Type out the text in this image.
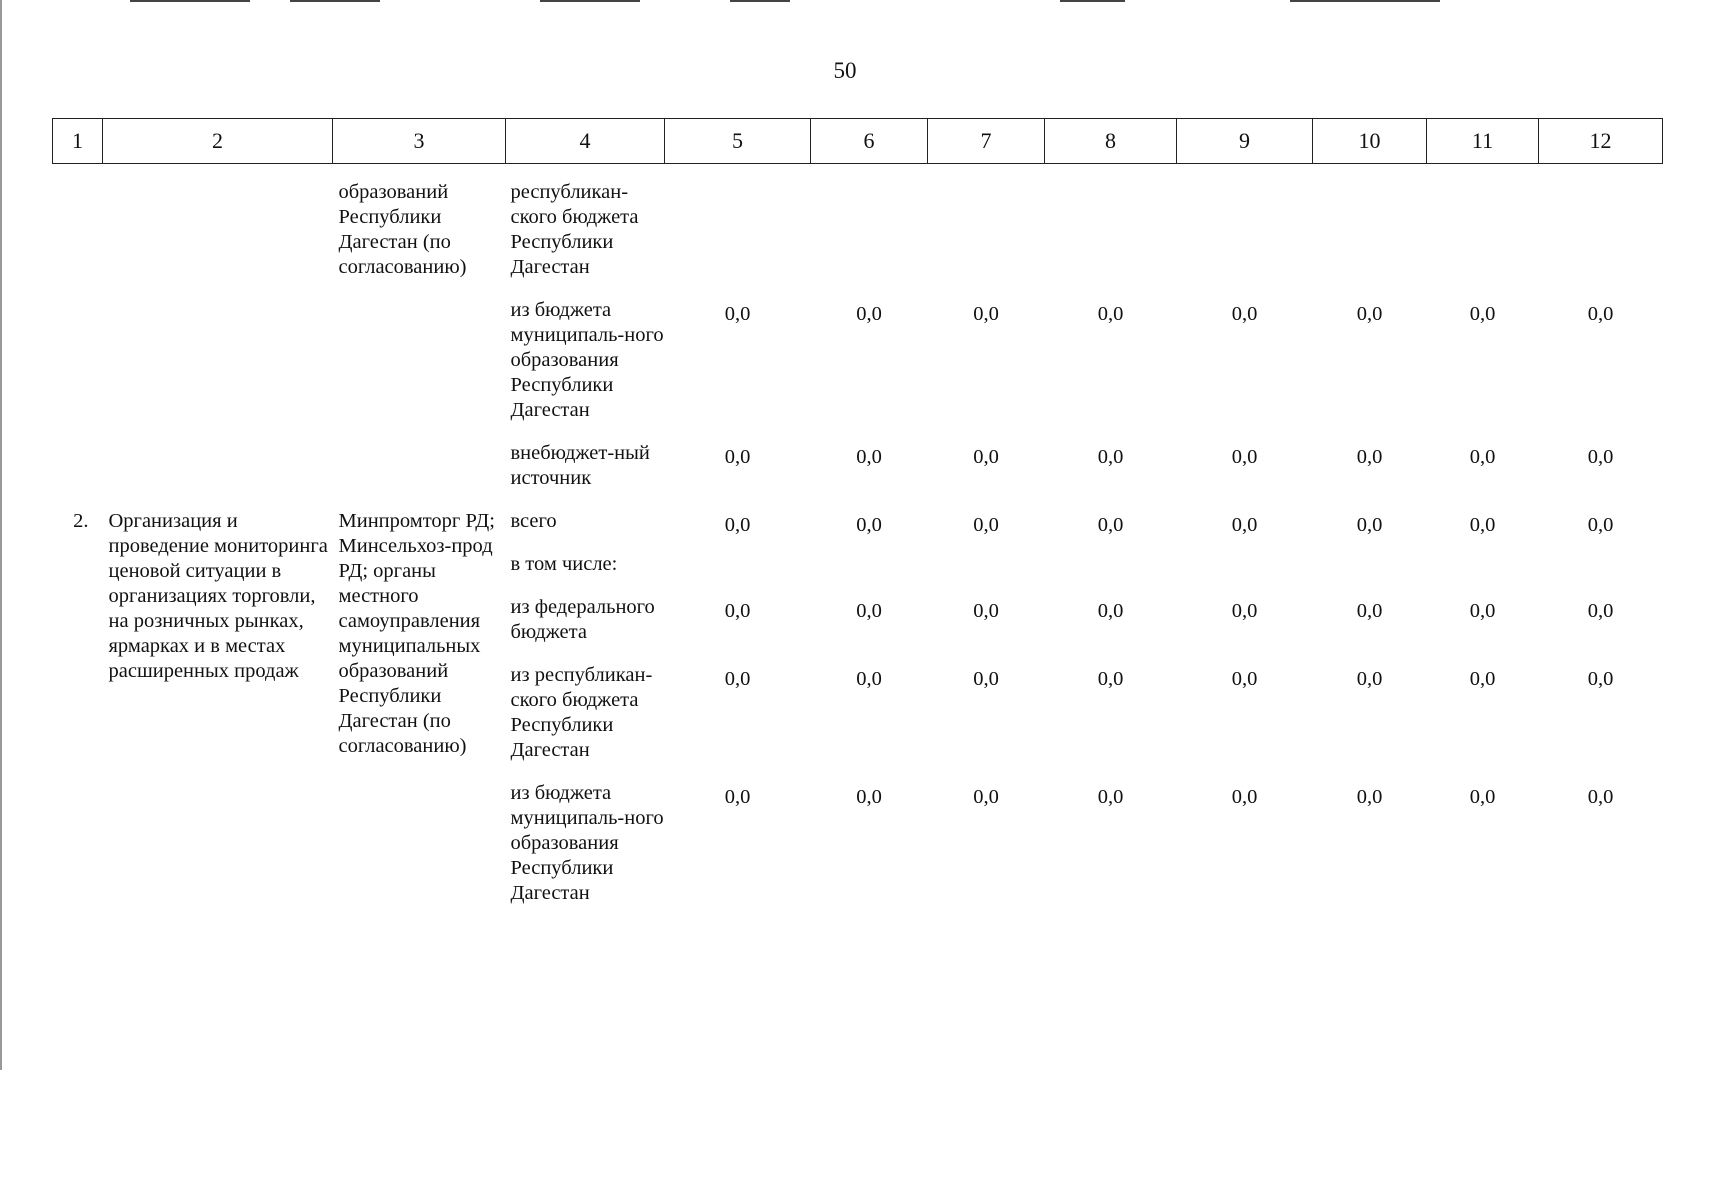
50
1	2	3	4	5	6	7	8	9	10	11	12

		образований Республики Дагестан (по согласованию)	республикан-ского бюджета Республики Дагестан								
			из бюджета муниципаль-ного образования Республики Дагестан	0,0	0,0	0,0	0,0	0,0	0,0	0,0	0,0
			внебюджет-ный источник	0,0	0,0	0,0	0,0	0,0	0,0	0,0	0,0
2.	Организация и проведение мониторинга ценовой ситуации в организациях торговли, на розничных рынках, ярмарках и в местах расширенных продаж	Минпромторг РД; Минсельхоз-прод РД; органы местного самоуправления муниципальных образований Республики Дагестан (по согласованию)	всего	0,0	0,0	0,0	0,0	0,0	0,0	0,0	0,0
			в том числе:								
			из федерального бюджета	0,0	0,0	0,0	0,0	0,0	0,0	0,0	0,0
			из республикан-ского бюджета Республики Дагестан	0,0	0,0	0,0	0,0	0,0	0,0	0,0	0,0
			из бюджета муниципаль-ного образования Республики Дагестан	0,0	0,0	0,0	0,0	0,0	0,0	0,0	0,0
